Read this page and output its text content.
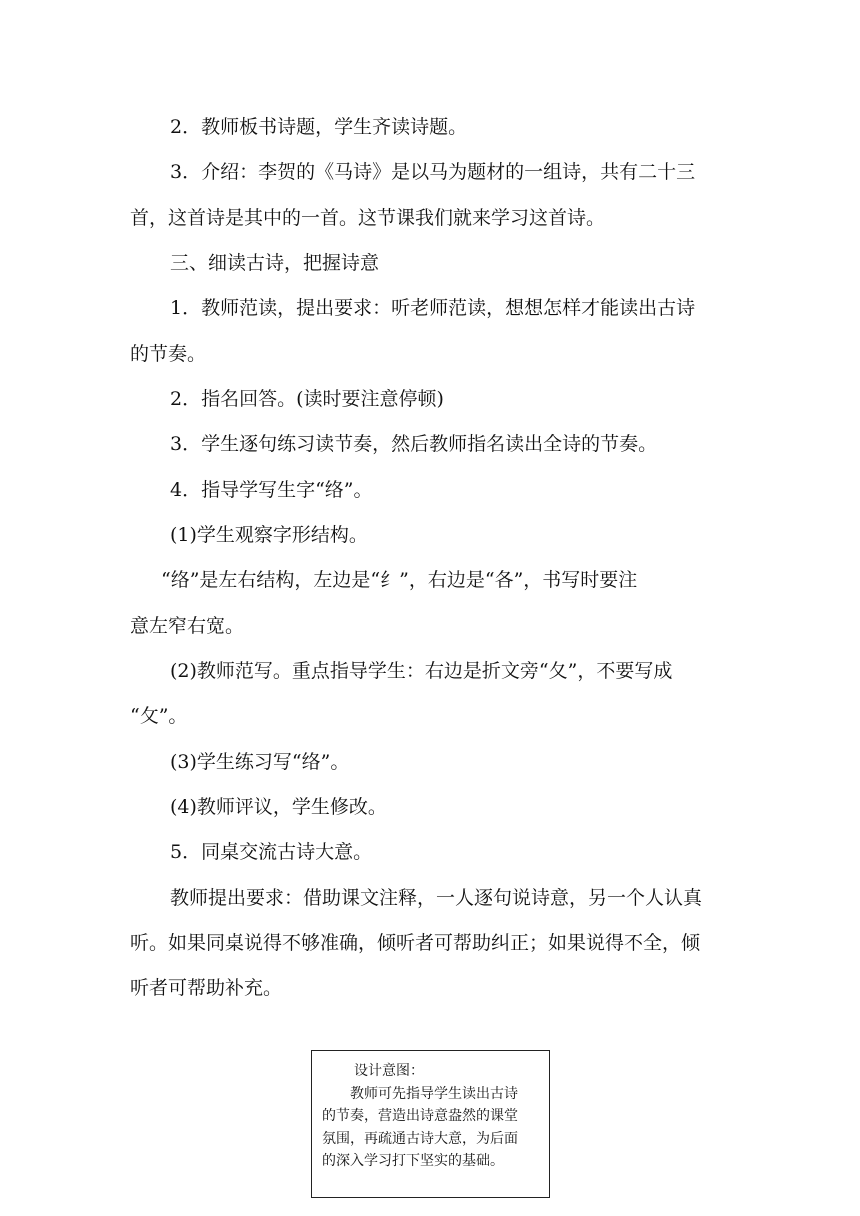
2．教师板书诗题，学生齐读诗题。

3．介绍：李贺的《马诗》是以马为题材的一组诗，共有二十三

首，这首诗是其中的一首。这节课我们就来学习这首诗。

三、细读古诗，把握诗意

1．教师范读，提出要求：听老师范读，想想怎样才能读出古诗

的节奏。

2．指名回答。(读时要注意停顿)

3．学生逐句练习读节奏，然后教师指名读出全诗的节奏。

4．指导学写生字“络”。

(1)学生观察字形结构。

“络”是左右结构，左边是“纟”，右边是“各”，书写时要注

意左窄右宽。

(2)教师范写。重点指导学生：右边是折文旁“夂”，不要写成

“攵”。

(3)学生练习写“络”。

(4)教师评议，学生修改。

5．同桌交流古诗大意。

教师提出要求：借助课文注释，一人逐句说诗意，另一个人认真

听。如果同桌说得不够准确，倾听者可帮助纠正；如果说得不全，倾

听者可帮助补充。

设计意图：
教师可先指导学生读出古诗
的节奏，营造出诗意盎然的课堂
氛围，再疏通古诗大意，为后面
的深入学习打下坚实的基础。
